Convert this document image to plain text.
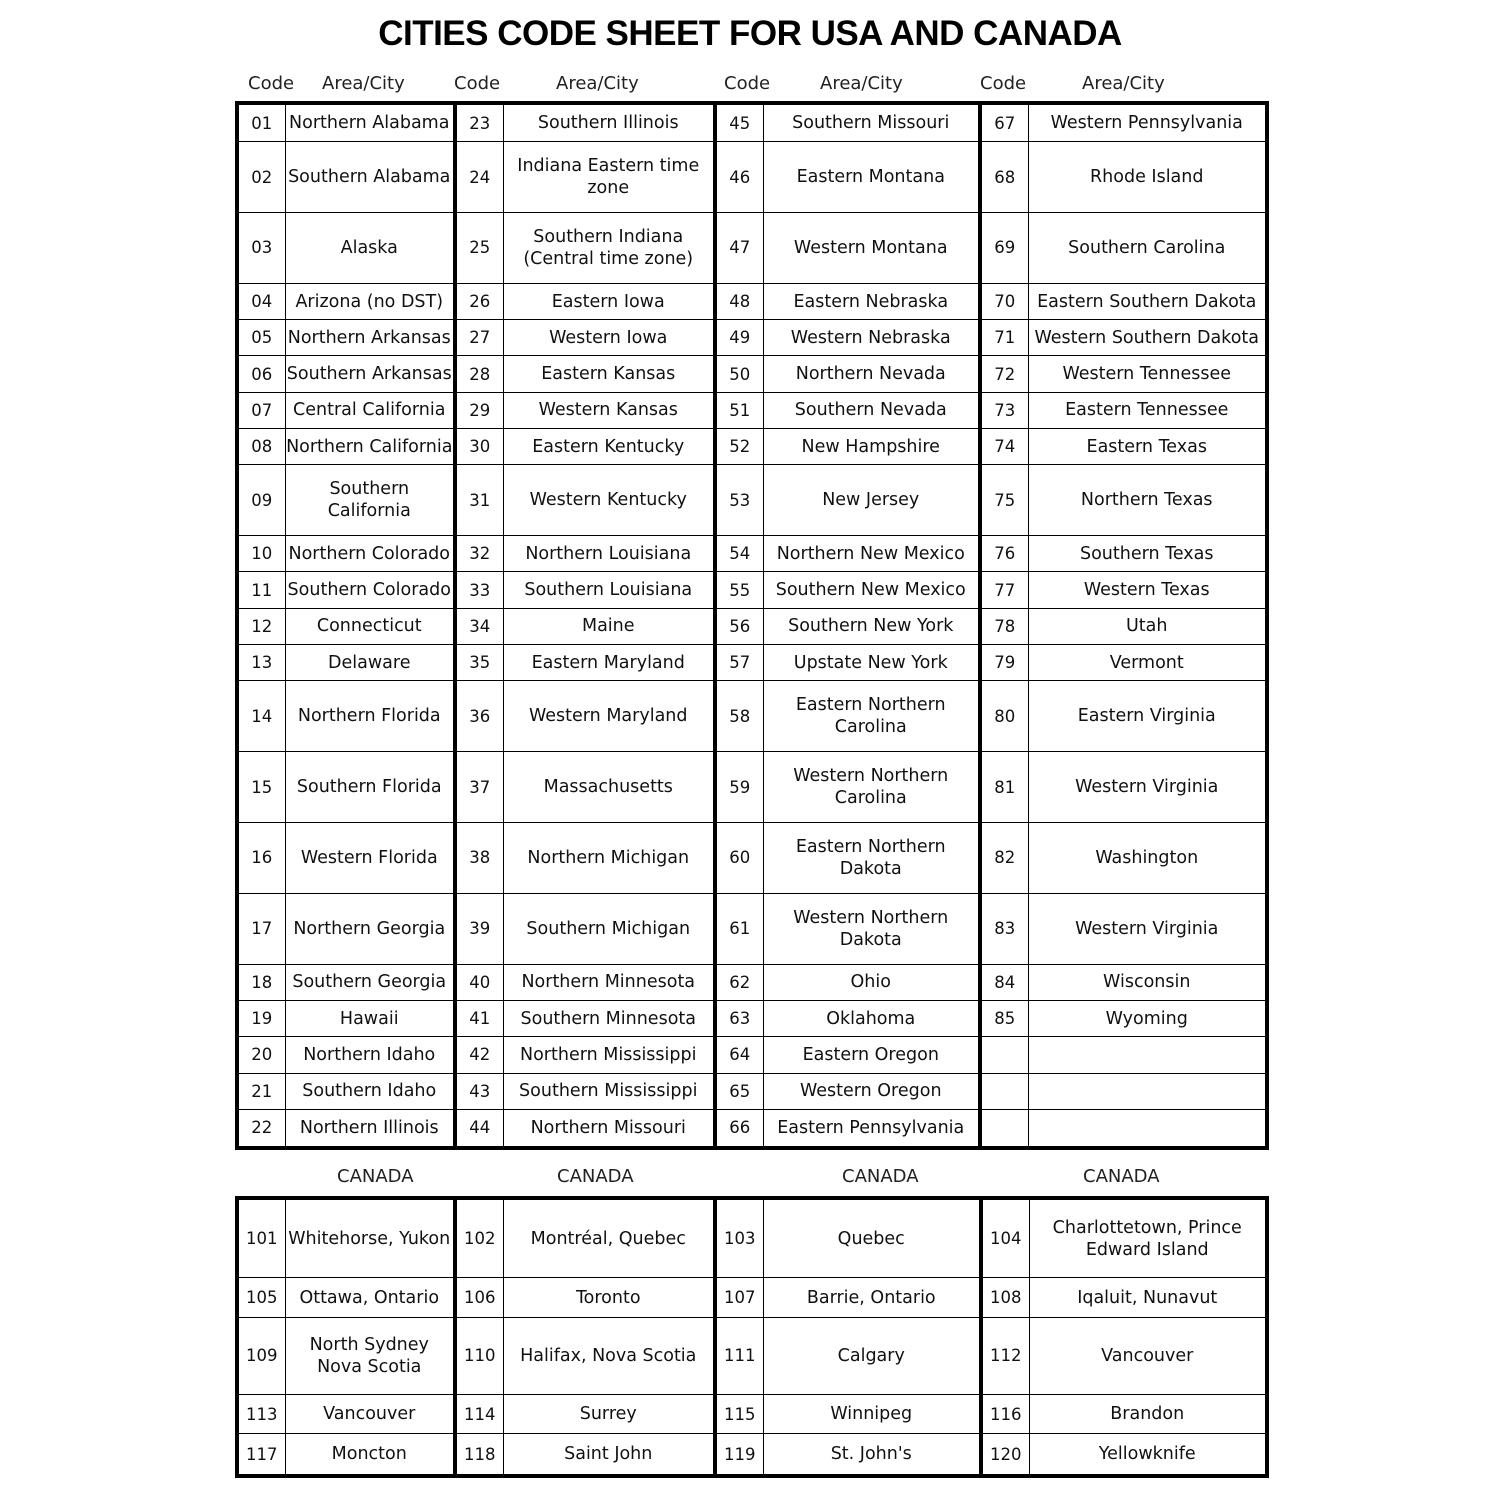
CITIES CODE SHEET FOR USA AND CANADA
Code Area/City	Code	Area/City	Code	Area/City	Code	Area/City
01	Northern Alabama	23	Southern Illinois	45	Southern Missouri	67	Western Pennsylvania
02	Southern Alabama	24	Indiana Eastern time zone	46	Eastern Montana	68	Rhode Island
03	Alaska	25	Southern Indiana (Central time zone)	47	Western Montana	69	Southern Carolina
04	Arizona (no DST)	26	Eastern Iowa	48	Eastern Nebraska	70	Eastern Southern Dakota
05	Northern Arkansas	27	Western Iowa	49	Western Nebraska	71	Western Southern Dakota
06	Southern Arkansas	28	Eastern Kansas	50	Northern Nevada	72	Western Tennessee
07	Central California	29	Western Kansas	51	Southern Nevada	73	Eastern Tennessee
08	Northern California	30	Eastern Kentucky	52	New Hampshire	74	Eastern Texas
09	Southern California	31	Western Kentucky	53	New Jersey	75	Northern Texas
10	Northern Colorado	32	Northern Louisiana	54	Northern New Mexico	76	Southern Texas
11	Southern Colorado	33	Southern Louisiana	55	Southern New Mexico	77	Western Texas
12	Connecticut	34	Maine	56	Southern New York	78	Utah
13	Delaware	35	Eastern Maryland	57	Upstate New York	79	Vermont
14	Northern Florida	36	Western Maryland	58	Eastern Northern Carolina	80	Eastern Virginia
15	Southern Florida	37	Massachusetts	59	Western Northern Carolina	81	Western Virginia
16	Western Florida	38	Northern Michigan	60	Eastern Northern Dakota	82	Washington
17	Northern Georgia	39	Southern Michigan	61	Western Northern Dakota	83	Western Virginia
18	Southern Georgia	40	Northern Minnesota	62	Ohio	84	Wisconsin
19	Hawaii	41	Southern Minnesota	63	Oklahoma	85	Wyoming
20	Northern Idaho	42	Northern Mississippi	64	Eastern Oregon		
21	Southern Idaho	43	Southern Mississippi	65	Western Oregon		
22	Northern Illinois	44	Northern Missouri	66	Eastern Pennsylvania		
CANADA	CANADA	CANADA	CANADA
101	Whitehorse, Yukon	102	Montréal, Quebec	103	Quebec	104	Charlottetown, Prince Edward Island
105	Ottawa, Ontario	106	Toronto	107	Barrie, Ontario	108	Iqaluit, Nunavut
109	North Sydney Nova Scotia	110	Halifax, Nova Scotia	111	Calgary	112	Vancouver
113	Vancouver	114	Surrey	115	Winnipeg	116	Brandon
117	Moncton	118	Saint John	119	St. John's	120	Yellowknife
